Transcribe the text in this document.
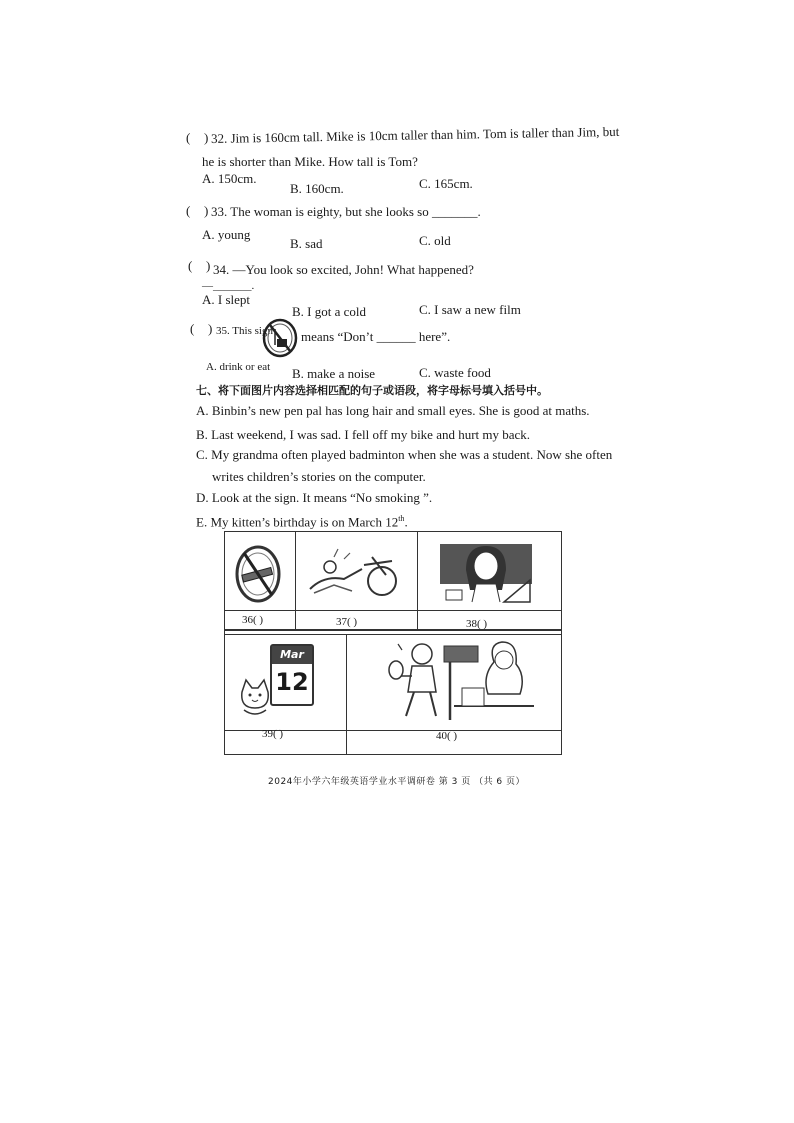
( ) 32. Jim is 160cm tall. Mike is 10cm taller than him. Tom is taller than Jim, but
he is shorter than Mike. How tall is Tom?
A. 150cm.
B. 160cm.	C. 165cm.
( ) 33. The woman is eighty, but she looks so _______.
A. young
B. sad	C. old
( ) 34. —You look so excited, John! What happened?
—_______.
A. I slept
B. I got a cold	C. I saw a new film
( ) 35. This sign means “Don’t ______ here”.
A. drink or eat B. make a noise	C. waste food
七、将下面图片内容选择相匹配的句子或语段，将字母标号填入括号中。
A. Binbin’s new pen pal has long hair and small eyes. She is good at maths.
B. Last weekend, I was sad. I fell off my bike and hurt my back.
C. My grandma often played badminton when she was a student. Now she often
writes children’s stories on the computer.
D. Look at the sign. It means “No smoking ”.
E. My kitten’s birthday is on March 12th.
36( )	37( )	38( )
Mar
12
39( )	40( )
2024年小学六年级英语学业水平调研卷 第 3 页 （共 6 页）
